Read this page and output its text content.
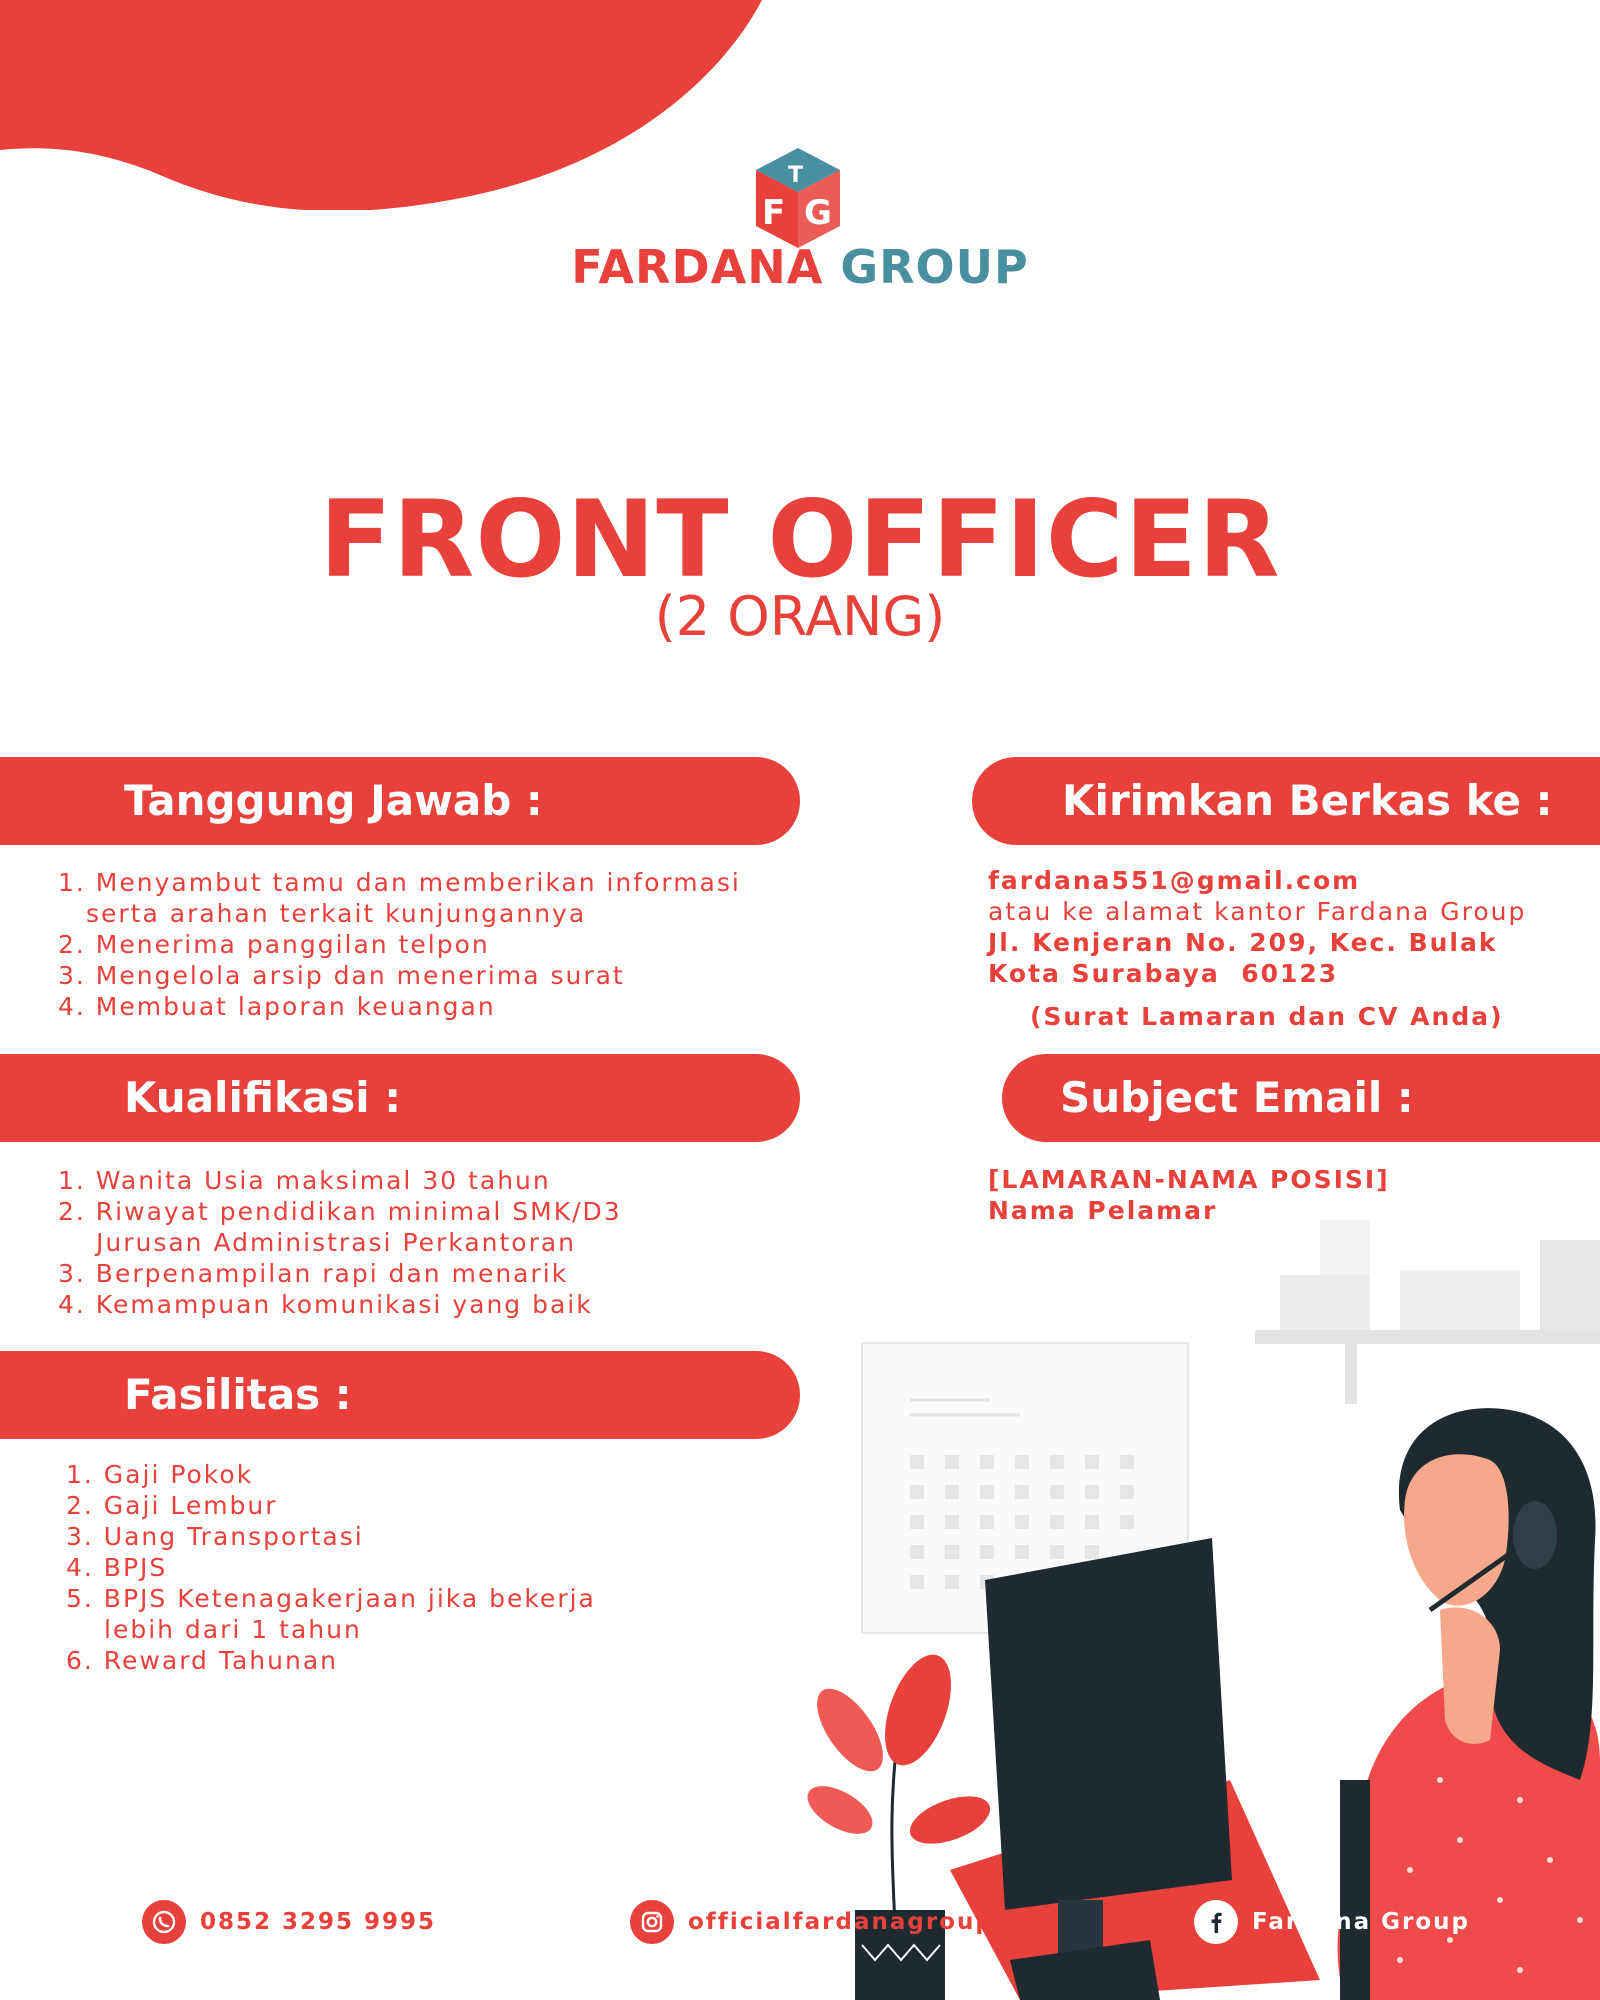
F G
T
FARDANA GROUP
FRONT OFFICER
(2 ORANG)
Tanggung Jawab :
1. Menyambut tamu dan memberikan informasi
serta arahan terkait kunjungannya
2. Menerima panggilan telpon
3. Mengelola arsip dan menerima surat
4. Membuat laporan keuangan
Kualifikasi :
1. Wanita Usia maksimal 30 tahun
2. Riwayat pendidikan minimal SMK/D3
Jurusan Administrasi Perkantoran
3. Berpenampilan rapi dan menarik
4. Kemampuan komunikasi yang baik
Fasilitas :
1. Gaji Pokok
2. Gaji Lembur
3. Uang Transportasi
4. BPJS
5. BPJS Ketenagakerjaan jika bekerja
lebih dari 1 tahun
6. Reward Tahunan
Kirimkan Berkas ke :
fardana551@gmail.com
atau ke alamat kantor Fardana Group
Jl. Kenjeran No. 209, Kec. Bulak
Kota Surabaya  60123
(Surat Lamaran dan CV Anda)
Subject Email :
[LAMARAN-NAMA POSISI]
Nama Pelamar
0852 3295 9995	officialfardanagroup	Fardana Group
